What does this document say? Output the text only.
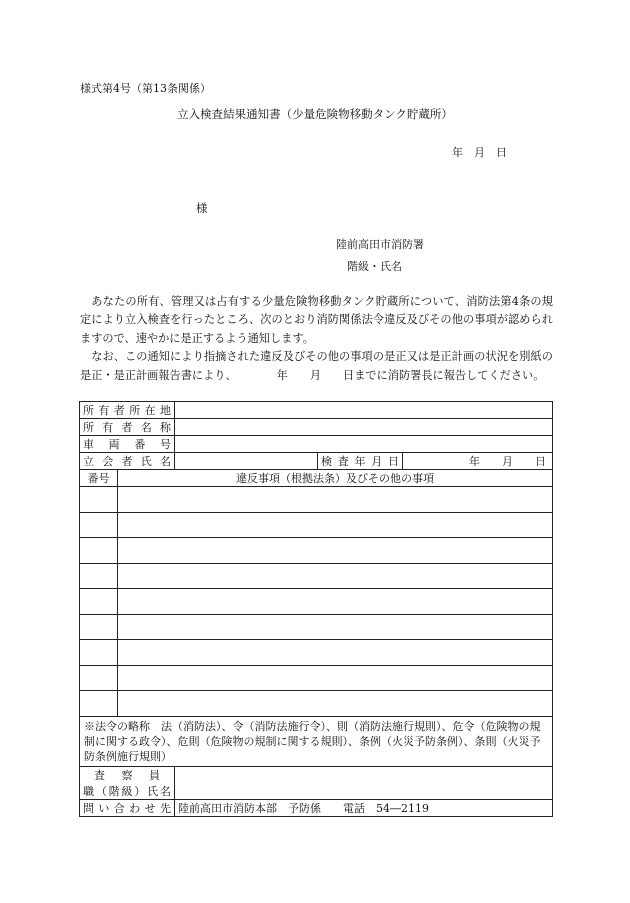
様式第4号（第13条関係）
立入検査結果通知書（少量危険物移動タンク貯蔵所）
年　月　日
様
陸前高田市消防署
階級・氏名

あなたの所有、管理又は占有する少量危険物移動タンク貯蔵所について、消防法第4条の規定により立入検査を行ったところ、次のとおり消防関係法令違反及びその他の事項が認められますので、速やかに是正するよう通知します。

なお、この通知により指摘された違反及びその他の事項の是正又は是正計画の状況を別紙の是正・是正計画報告書により、	年 月 日までに消防署長に報告してください。

所有者所在地				
所有者名称				
車両番号				
立会者氏名			検査年月日	年　　月　　日
番号	違反事項（根拠法条）及びその他の事項			

※法令の略称　法（消防法）、令（消防法施行令）、則（消防法施行規則）、危令（危険物の規制に関する政令）、危則（危険物の規制に関する規則）、条例（火災予防条例）、条則（火災予防条例施行規則）				
査察員				
職（階級）氏名				
問い合わせ先		陸前高田市消防本部　予防係　　電話　54―2119		
